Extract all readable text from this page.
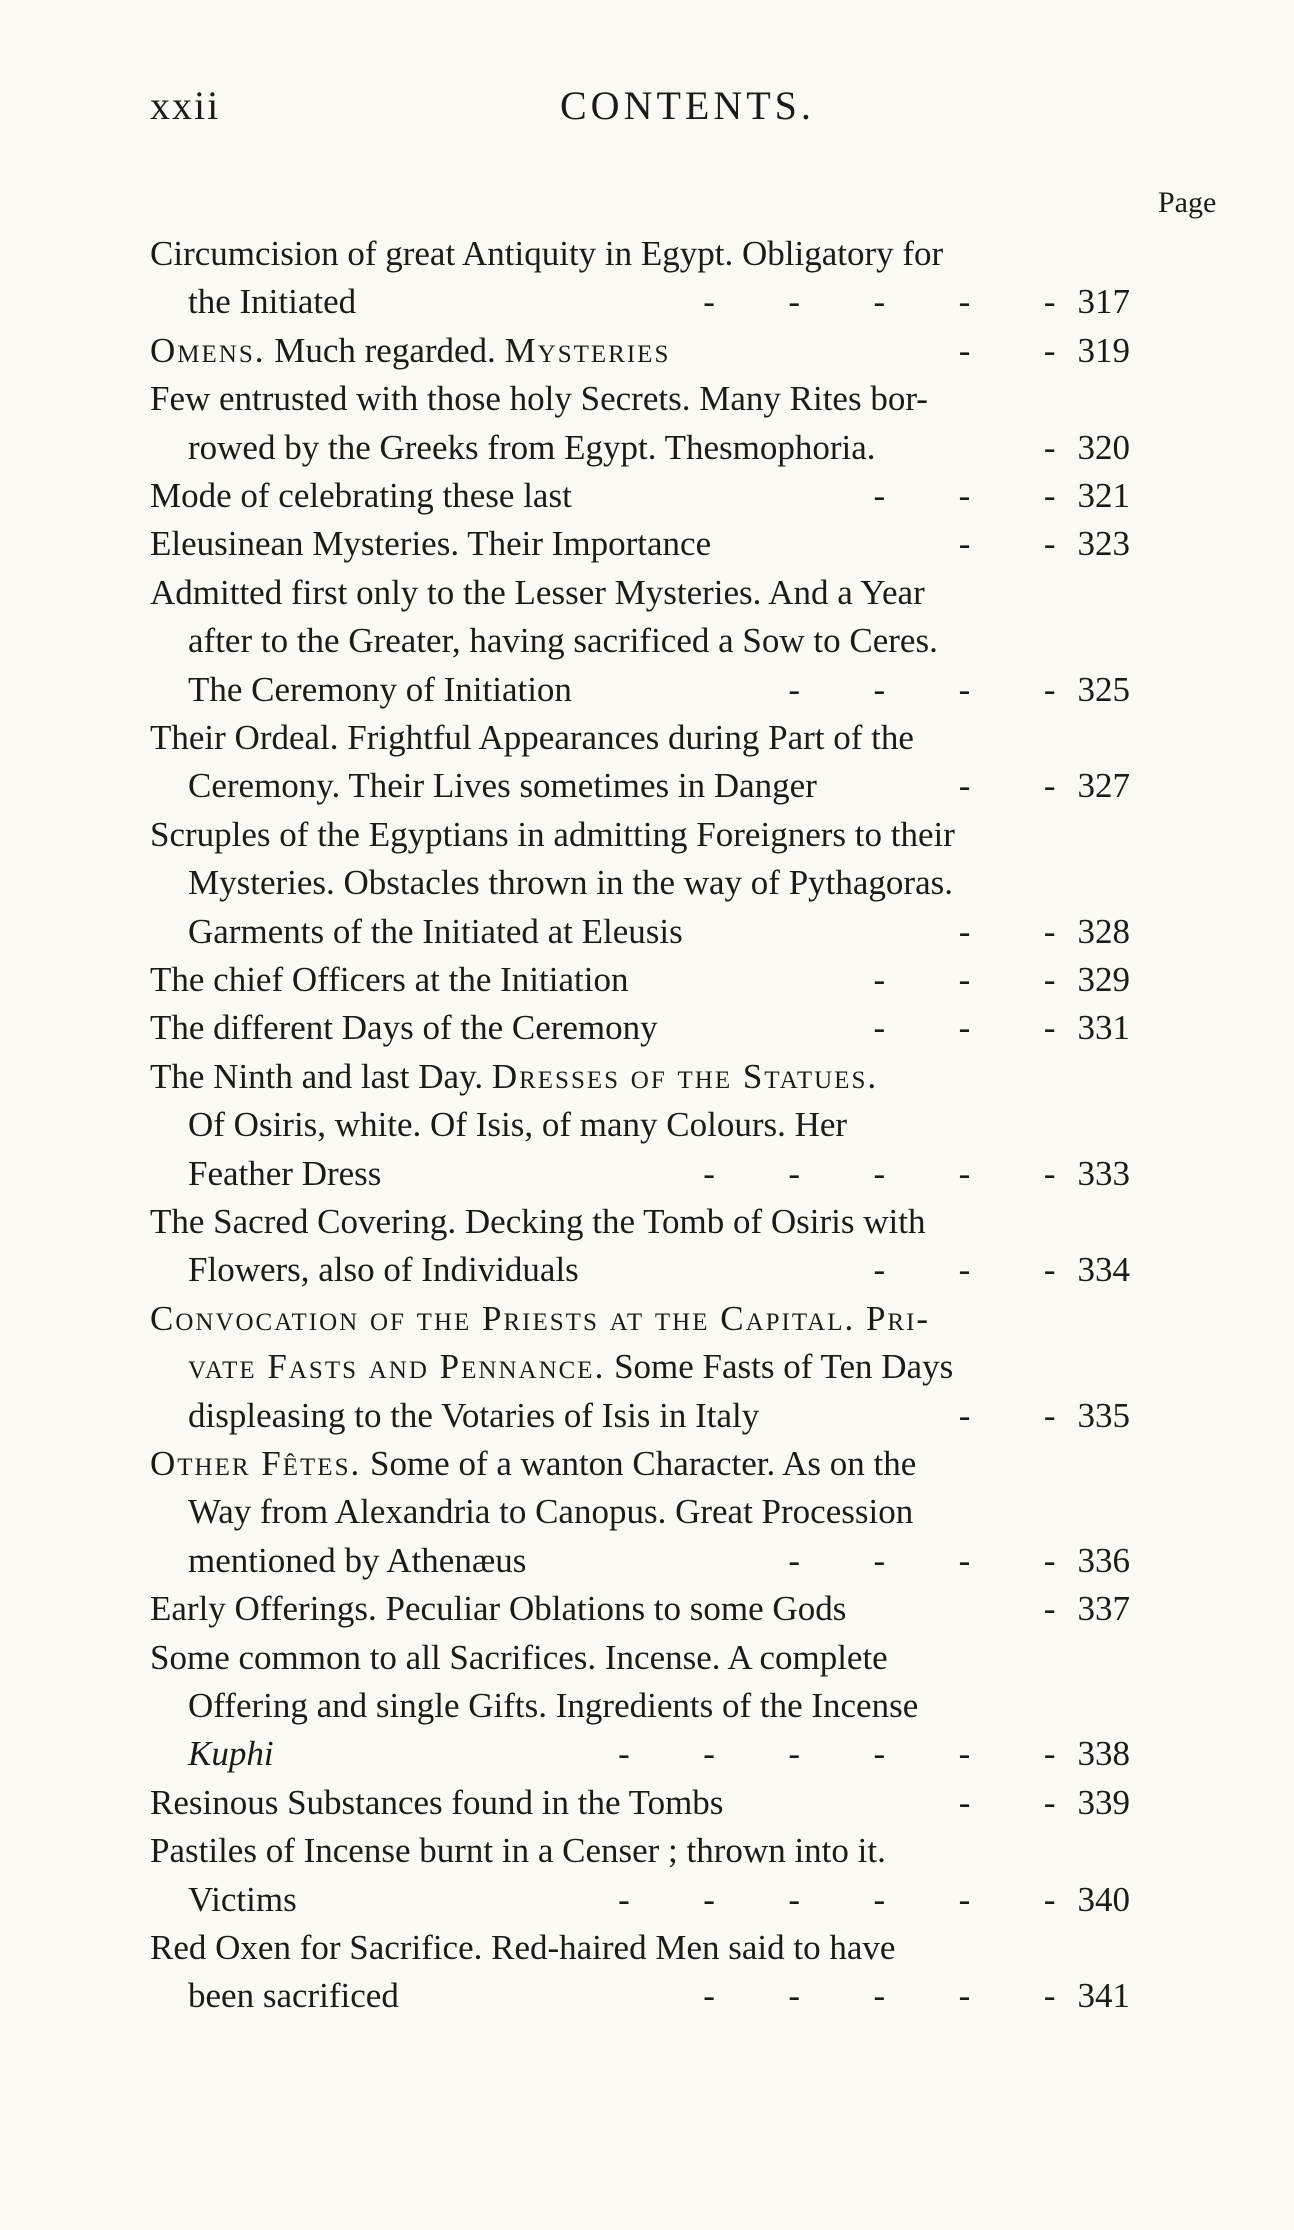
xxii	CONTENTS.
Page
Circumcision of great Antiquity in Egypt. Obligatory for
the Initiated	-  -  -  -  - 317
Omens. Much regarded. Mysteries	-  - 319
Few entrusted with those holy Secrets. Many Rites bor-
rowed by the Greeks from Egypt. Thesmophoria.	- 320
Mode of celebrating these last	-  -  - 321
Eleusinean Mysteries. Their Importance	-  - 323
Admitted first only to the Lesser Mysteries. And a Year
after to the Greater, having sacrificed a Sow to Ceres.
The Ceremony of Initiation	-  -  -  - 325
Their Ordeal. Frightful Appearances during Part of the
Ceremony. Their Lives sometimes in Danger	-  - 327
Scruples of the Egyptians in admitting Foreigners to their
Mysteries. Obstacles thrown in the way of Pythagoras.
Garments of the Initiated at Eleusis	-  - 328
The chief Officers at the Initiation	-  -  - 329
The different Days of the Ceremony	-  -  - 331
The Ninth and last Day. Dresses of the Statues.
Of Osiris, white. Of Isis, of many Colours. Her
Feather Dress	-  -  -  -  - 333
The Sacred Covering. Decking the Tomb of Osiris with
Flowers, also of Individuals	-  -  - 334
Convocation of the Priests at the Capital. Pri-
vate Fasts and Pennance. Some Fasts of Ten Days
displeasing to the Votaries of Isis in Italy	-  - 335
Other Fêtes. Some of a wanton Character. As on the
Way from Alexandria to Canopus. Great Procession
mentioned by Athenæus	-  -  -  - 336
Early Offerings. Peculiar Oblations to some Gods	- 337
Some common to all Sacrifices. Incense. A complete
Offering and single Gifts. Ingredients of the Incense
Kuphi	-  -  -  -  -  - 338
Resinous Substances found in the Tombs	-  - 339
Pastiles of Incense burnt in a Censer ; thrown into it.
Victims	-  -  -  -  -  - 340
Red Oxen for Sacrifice. Red-haired Men said to have
been sacrificed	-  -  -  -  - 341
